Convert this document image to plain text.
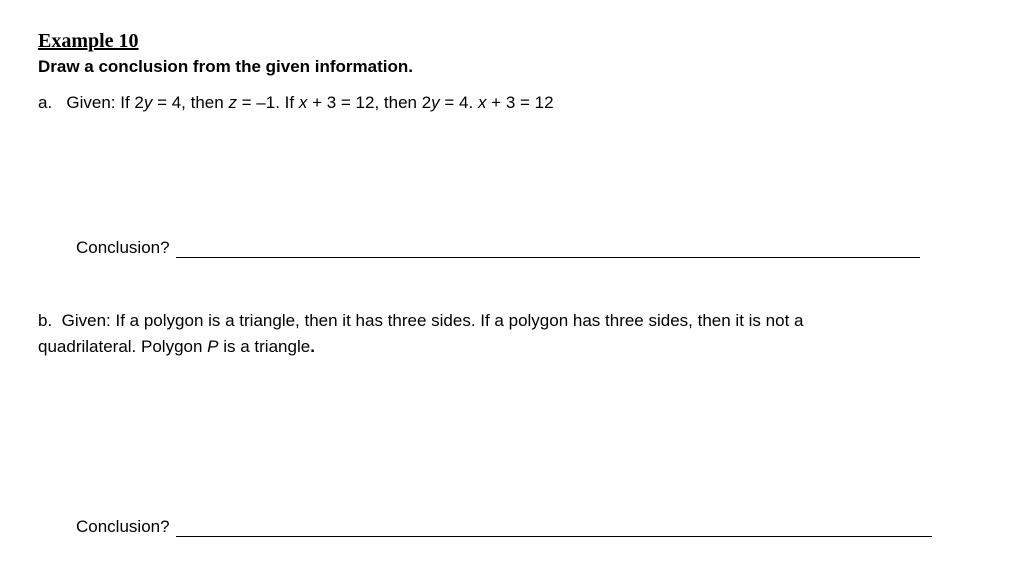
Example 10
Draw a conclusion from the given information.
a. Given: If 2y = 4, then z = –1. If x + 3 = 12, then 2y = 4. x + 3 = 12
Conclusion?
b. Given: If a polygon is a triangle, then it has three sides. If a polygon has three sides, then it is not a
quadrilateral. Polygon P is a triangle.
Conclusion?
